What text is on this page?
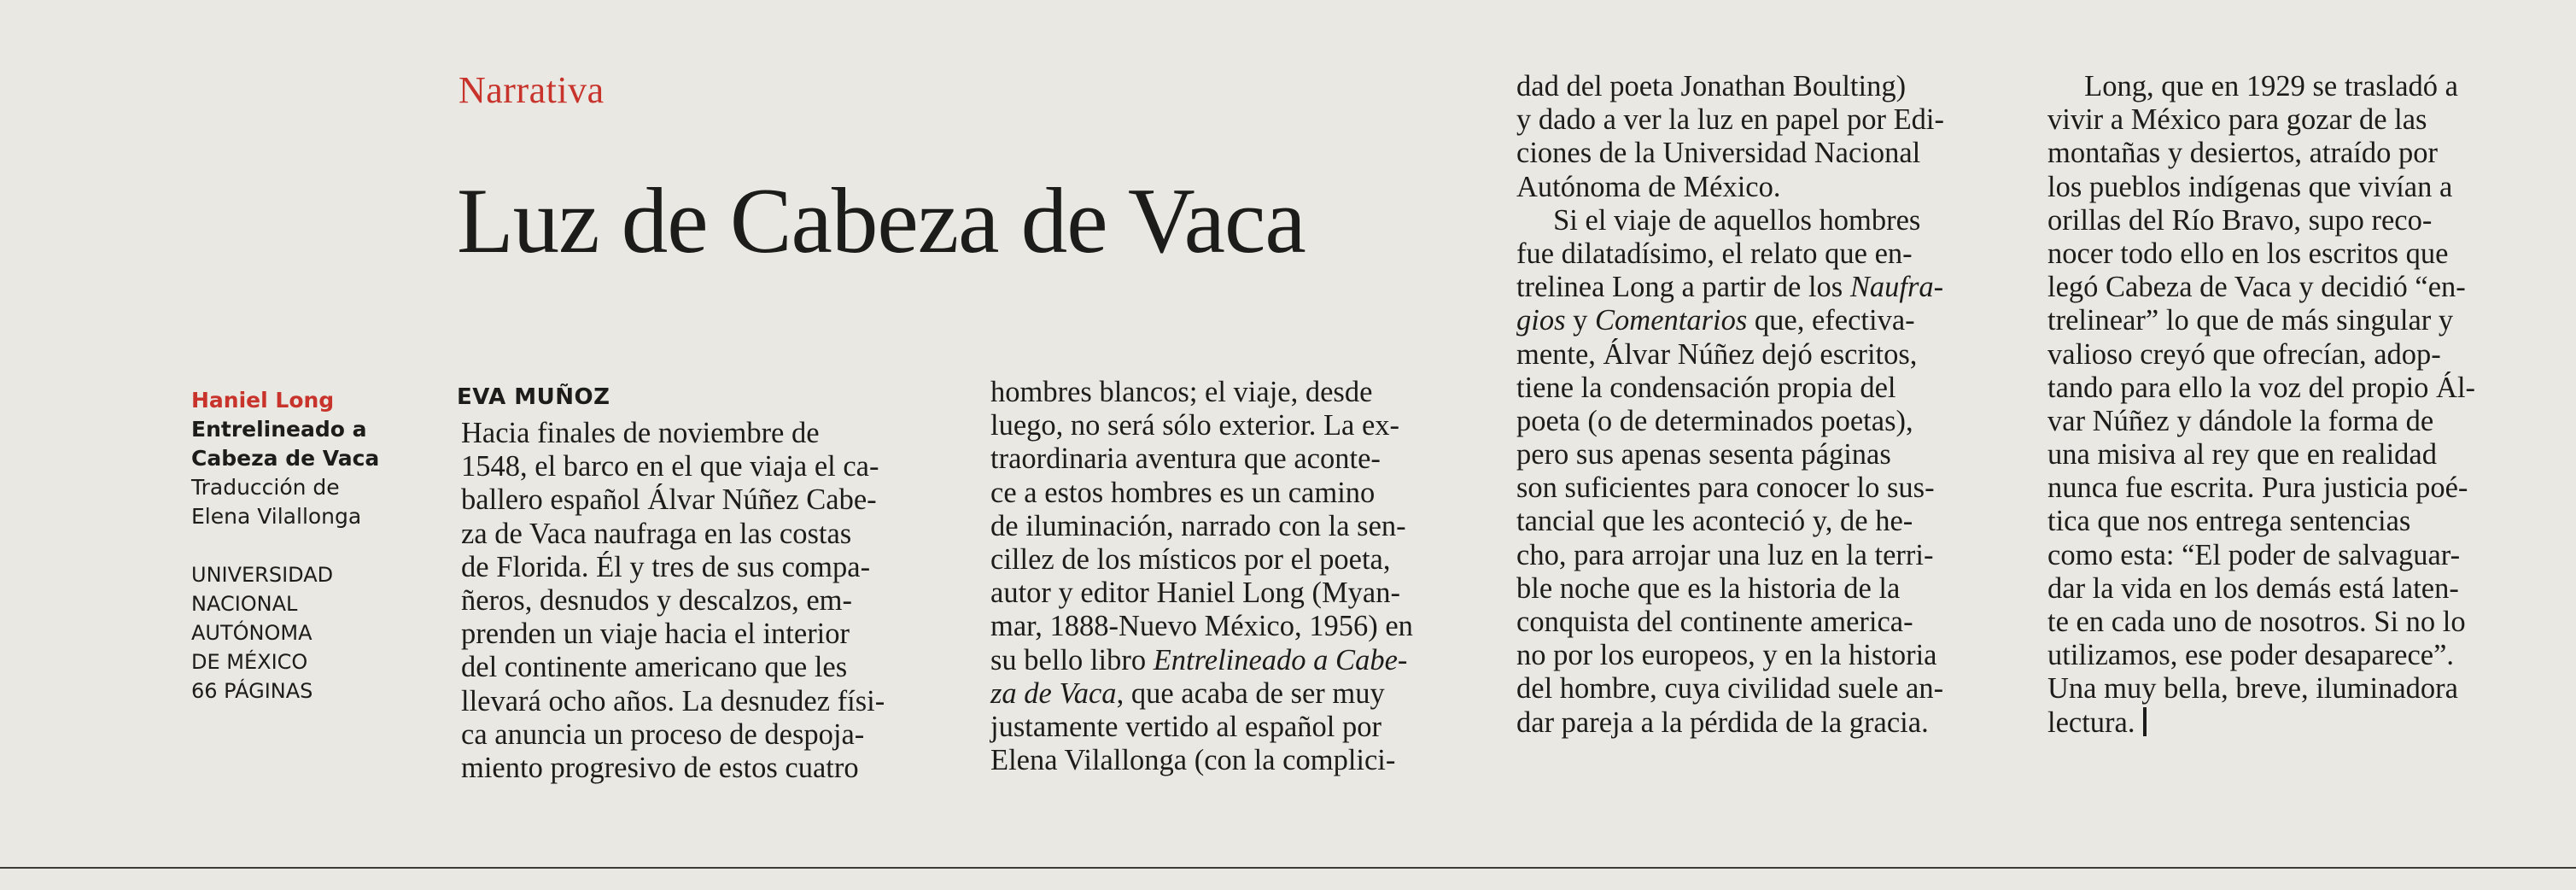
Narrativa
Luz de Cabeza de Vaca
Haniel Long
Entrelineado a
Cabeza de Vaca
Traducción de
Elena Vilallonga
UNIVERSIDAD
NACIONAL
AUTÓNOMA
DE MÉXICO
66 PÁGINAS
EVA MUÑOZ
Hacia finales de noviembre de
1548, el barco en el que viaja el ca-
ballero español Álvar Núñez Cabe-
za de Vaca naufraga en las costas
de Florida. Él y tres de sus compa-
ñeros, desnudos y descalzos, em-
prenden un viaje hacia el interior
del continente americano que les
llevará ocho años. La desnudez físi-
ca anuncia un proceso de despoja-
miento progresivo de estos cuatro
hombres blancos; el viaje, desde
luego, no será sólo exterior. La ex-
traordinaria aventura que aconte-
ce a estos hombres es un camino
de iluminación, narrado con la sen-
cillez de los místicos por el poeta,
autor y editor Haniel Long (Myan-
mar, 1888-Nuevo México, 1956) en
su bello libro Entrelineado a Cabe-
za de Vaca, que acaba de ser muy
justamente vertido al español por
Elena Vilallonga (con la complici-
dad del poeta Jonathan Boulting)
y dado a ver la luz en papel por Edi-
ciones de la Universidad Nacional
Autónoma de México.
  Si el viaje de aquellos hombres
fue dilatadísimo, el relato que en-
trelinea Long a partir de los Naufra-
gios y Comentarios que, efectiva-
mente, Álvar Núñez dejó escritos,
tiene la condensación propia del
poeta (o de determinados poetas),
pero sus apenas sesenta páginas
son suficientes para conocer lo sus-
tancial que les aconteció y, de he-
cho, para arrojar una luz en la terri-
ble noche que es la historia de la
conquista del continente america-
no por los europeos, y en la historia
del hombre, cuya civilidad suele an-
dar pareja a la pérdida de la gracia.
  Long, que en 1929 se trasladó a
vivir a México para gozar de las
montañas y desiertos, atraído por
los pueblos indígenas que vivían a
orillas del Río Bravo, supo reco-
nocer todo ello en los escritos que
legó Cabeza de Vaca y decidió “en-
trelinear” lo que de más singular y
valioso creyó que ofrecían, adop-
tando para ello la voz del propio Ál-
var Núñez y dándole la forma de
una misiva al rey que en realidad
nunca fue escrita. Pura justicia poé-
tica que nos entrega sentencias
como esta: “El poder de salvaguar-
dar la vida en los demás está laten-
te en cada uno de nosotros. Si no lo
utilizamos, ese poder desaparece”.
Una muy bella, breve, iluminadora
lectura.
